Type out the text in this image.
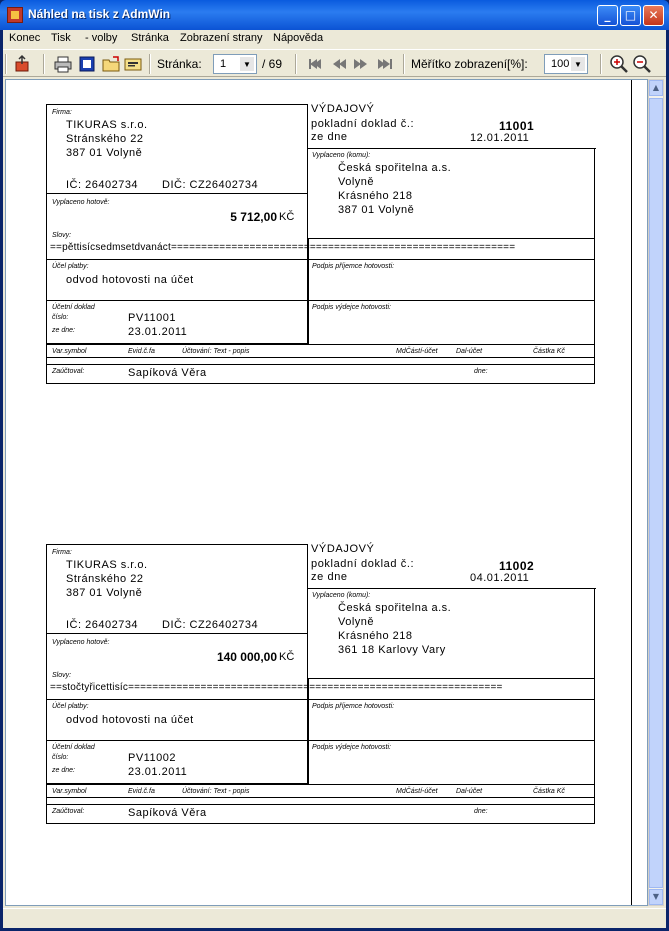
Náhled na tisk z AdmWin	_	□	✕
Konec Tisk - volby Stránka Zobrazení strany Nápověda
Stránka: 1	▼ / 69	Měřítko zobrazení[%]: 100 ▼
Firma:
TIKURAS s.r.o.
Stránského 22
387 01 Volyně
IČ: 26402734 DIČ: CZ26402734
VÝDAJOVÝ
pokladní doklad č.:	11001
ze dne	12.01.2011
Vyplaceno (komu):
Česká spořitelna a.s.
Volyně
Krásného 218
387 01 Volyně
Vyplaceno hotově:
5 712,00 KČ
Slovy:
==pěttisícsedmsetdvanáct=========================================================
Účel platby:
odvod hotovosti na účet
Podpis příjemce hotovosti:
Účetní doklad
číslo:	PV11001
ze dne:	23.01.2011
Podpis výdejce hotovosti:
Var.symbol	Evid.č.fa	Účtování: Text - popis	MdČástí-účet	Dal-účet	Částka Kč
Zaúčtoval:	Sapíková Věra	dne:
Firma:
TIKURAS s.r.o.
Stránského 22
387 01 Volyně
IČ: 26402734 DIČ: CZ26402734
VÝDAJOVÝ
pokladní doklad č.:	11002
ze dne	04.01.2011
Vyplaceno (komu):
Česká spořitelna a.s.
Volyně
Krásného 218
361 18 Karlovy Vary
Vyplaceno hotově:
140 000,00 KČ
Slovy:
==stočtyřicettisíc==============================================================
Účel platby:
odvod hotovosti na účet
Podpis příjemce hotovosti:
Účetní doklad
číslo:	PV11002
ze dne:	23.01.2011
Podpis výdejce hotovosti:
Var.symbol	Evid.č.fa	Účtování: Text - popis	MdČástí-účet	Dal-účet	Částka Kč
Zaúčtoval:	Sapíková Věra	dne:
▲
▼
